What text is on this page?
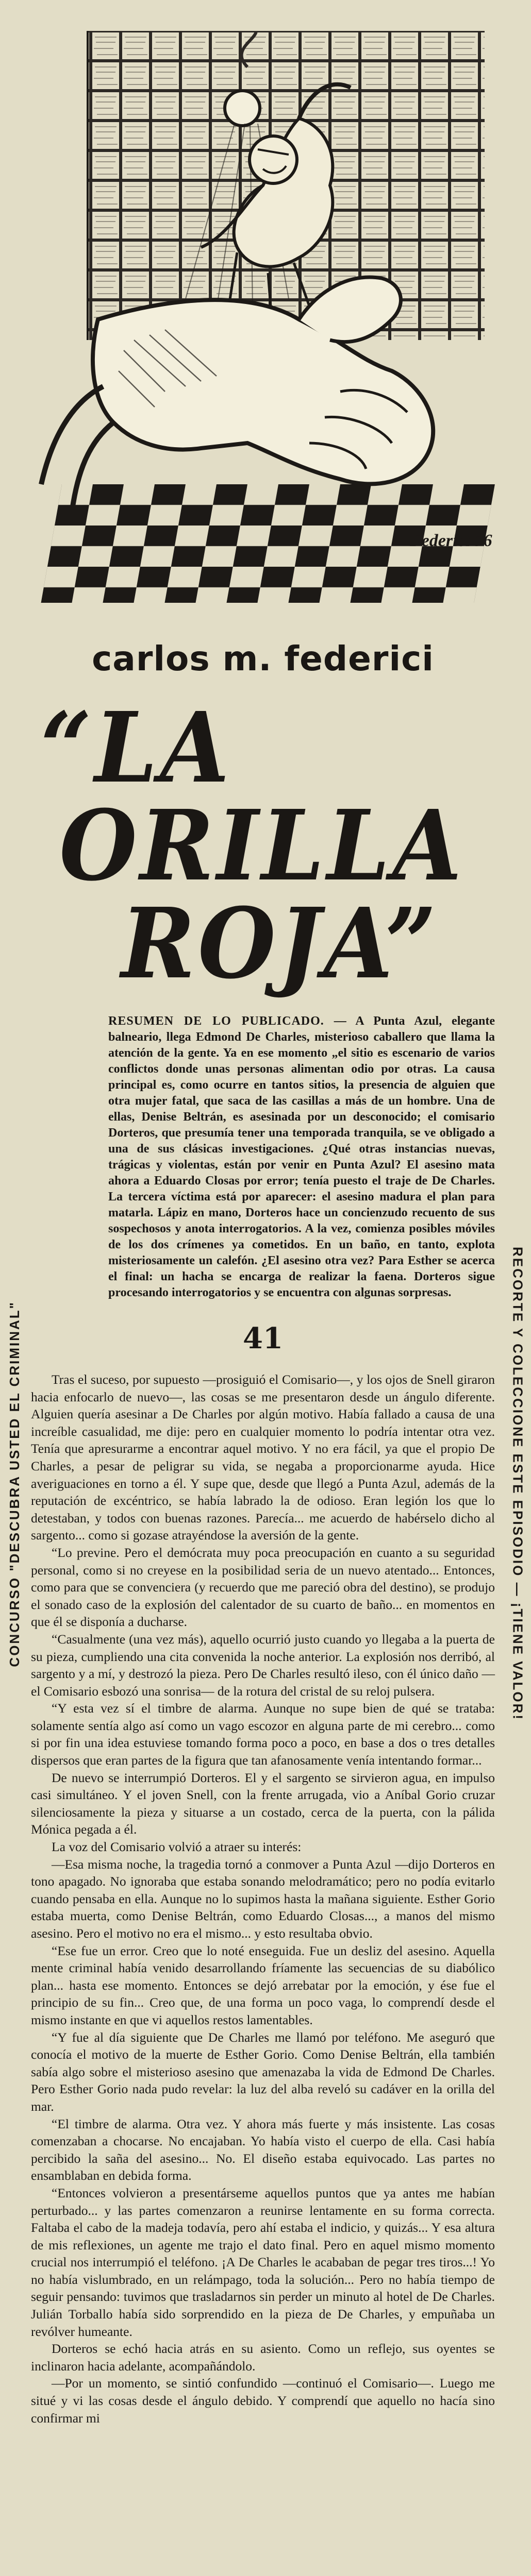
CONCURSO "DESCUBRA USTED EL CRIMINAL"	RECORTE Y COLECCIONE ESTE EPISODIO — ¡TIENE VALOR!
Federici 76
carlos m. federici
“LA
ORILLA
ROJA”
RESUMEN DE LO PUBLICADO. — A Punta Azul, elegante balneario, llega Edmond De Charles, misterioso caballero que llama la atención de la gente. Ya en ese momento „el sitio es escenario de varios conflictos donde unas personas alimentan odio por otras. La causa principal es, como ocurre en tantos sitios, la presencia de alguien que otra mujer fatal, que saca de las casillas a más de un hombre. Una de ellas, Denise Beltrán, es asesinada por un desconocido; el comisario Dorteros, que presumía tener una temporada tranquila, se ve obligado a una de sus clásicas investigaciones. ¿Qué otras instancias nuevas, trágicas y violentas, están por venir en Punta Azul? El asesino mata ahora a Eduardo Closas por error; tenía puesto el traje de De Charles. La tercera víctima está por aparecer: el asesino madura el plan para matarla. Lápiz en mano, Dorteros hace un concienzudo recuento de sus sospechosos y anota interrogatorios. A la vez, comienza posibles móviles de los dos crímenes ya cometidos. En un baño, en tanto, explota misteriosamente un calefón. ¿El asesino otra vez? Para Esther se acerca el final: un hacha se encarga de realizar la faena. Dorteros sigue procesando interrogatorios y se encuentra con algunas sorpresas.
41

Tras el suceso, por supuesto —prosiguió el Comisario—, y los ojos de Snell giraron hacia enfocarlo de nuevo—, las cosas se me presentaron desde un ángulo diferente. Alguien quería asesinar a De Charles por algún motivo. Había fallado a causa de una increíble casualidad, me dije: pero en cualquier momento lo podría intentar otra vez. Tenía que apresurarme a encontrar aquel motivo. Y no era fácil, ya que el propio De Charles, a pesar de peligrar su vida, se negaba a proporcionarme ayuda. Hice averiguaciones en torno a él. Y supe que, desde que llegó a Punta Azul, además de la reputación de excéntrico, se había labrado la de odioso. Eran legión los que lo detestaban, y todos con buenas razones. Parecía... me acuerdo de habérselo dicho al sargento... como si gozase atrayéndose la aversión de la gente.

“Lo previne. Pero el demócrata muy poca preocupación en cuanto a su seguridad personal, como si no creyese en la posibilidad seria de un nuevo atentado... Entonces, como para que se convenciera (y recuerdo que me pareció obra del destino), se produjo el sonado caso de la explosión del calentador de su cuarto de baño... en momentos en que él se disponía a ducharse.

“Casualmente (una vez más), aquello ocurrió justo cuando yo llegaba a la puerta de su pieza, cumpliendo una cita convenida la noche anterior. La explosión nos derribó, al sargento y a mí, y destrozó la pieza. Pero De Charles resultó ileso, con él único daño —el Comisario esbozó una sonrisa— de la rotura del cristal de su reloj pulsera.

“Y esta vez sí el timbre de alarma. Aunque no supe bien de qué se trataba: solamente sentía algo así como un vago escozor en alguna parte de mi cerebro... como si por fin una idea estuviese tomando forma poco a poco, en base a dos o tres detalles dispersos que eran partes de la figura que tan afanosamente venía intentando formar...

De nuevo se interrumpió Dorteros. El y el sargento se sirvieron agua, en impulso casi simultáneo. Y el joven Snell, con la frente arrugada, vio a Aníbal Gorio cruzar silenciosamente la pieza y situarse a un costado, cerca de la puerta, con la pálida Mónica pegada a él.

La voz del Comisario volvió a atraer su interés:

—Esa misma noche, la tragedia tornó a conmover a Punta Azul —dijo Dorteros en tono apagado. No ignoraba que estaba sonando melodramático; pero no podía evitarlo cuando pensaba en ella. Aunque no lo supimos hasta la mañana siguiente. Esther Gorio estaba muerta, como Denise Beltrán, como Eduardo Closas..., a manos del mismo asesino. Pero el motivo no era el mismo... y esto resultaba obvio.

“Ese fue un error. Creo que lo noté enseguida. Fue un desliz del asesino. Aquella mente criminal había venido desarrollando fríamente las secuencias de su diabólico plan... hasta ese momento. Entonces se dejó arrebatar por la emoción, y ése fue el principio de su fin... Creo que, de una forma un poco vaga, lo comprendí desde el mismo instante en que vi aquellos restos lamentables.

“Y fue al día siguiente que De Charles me llamó por teléfono. Me aseguró que conocía el motivo de la muerte de Esther Gorio. Como Denise Beltrán, ella también sabía algo sobre el misterioso asesino que amenazaba la vida de Edmond De Charles. Pero Esther Gorio nada pudo revelar: la luz del alba reveló su cadáver en la orilla del mar.

“El timbre de alarma. Otra vez. Y ahora más fuerte y más insistente. Las cosas comenzaban a chocarse. No encajaban. Yo había visto el cuerpo de ella. Casi había percibido la saña del asesino... No. El diseño estaba equivocado. Las partes no ensamblaban en debida forma.

“Entonces volvieron a presentárseme aquellos puntos que ya antes me habían perturbado... y las partes comenzaron a reunirse lentamente en su forma correcta. Faltaba el cabo de la madeja todavía, pero ahí estaba el indicio, y quizás... Y esa altura de mis reflexiones, un agente me trajo el dato final. Pero en aquel mismo momento crucial nos interrumpió el teléfono. ¡A De Charles le acababan de pegar tres tiros...! Yo no había vislumbrado, en un relámpago, toda la solución... Pero no había tiempo de seguir pensando: tuvimos que trasladarnos sin perder un minuto al hotel de De Charles. Julián Torballo había sido sorprendido en la pieza de De Charles, y empuñaba un revólver humeante.

Dorteros se echó hacia atrás en su asiento. Como un reflejo, sus oyentes se inclinaron hacia adelante, acompañándolo.

—Por un momento, se sintió confundido —continuó el Comisario—. Luego me situé y vi las cosas desde el ángulo debido. Y comprendí que aquello no hacía sino confirmar mi
